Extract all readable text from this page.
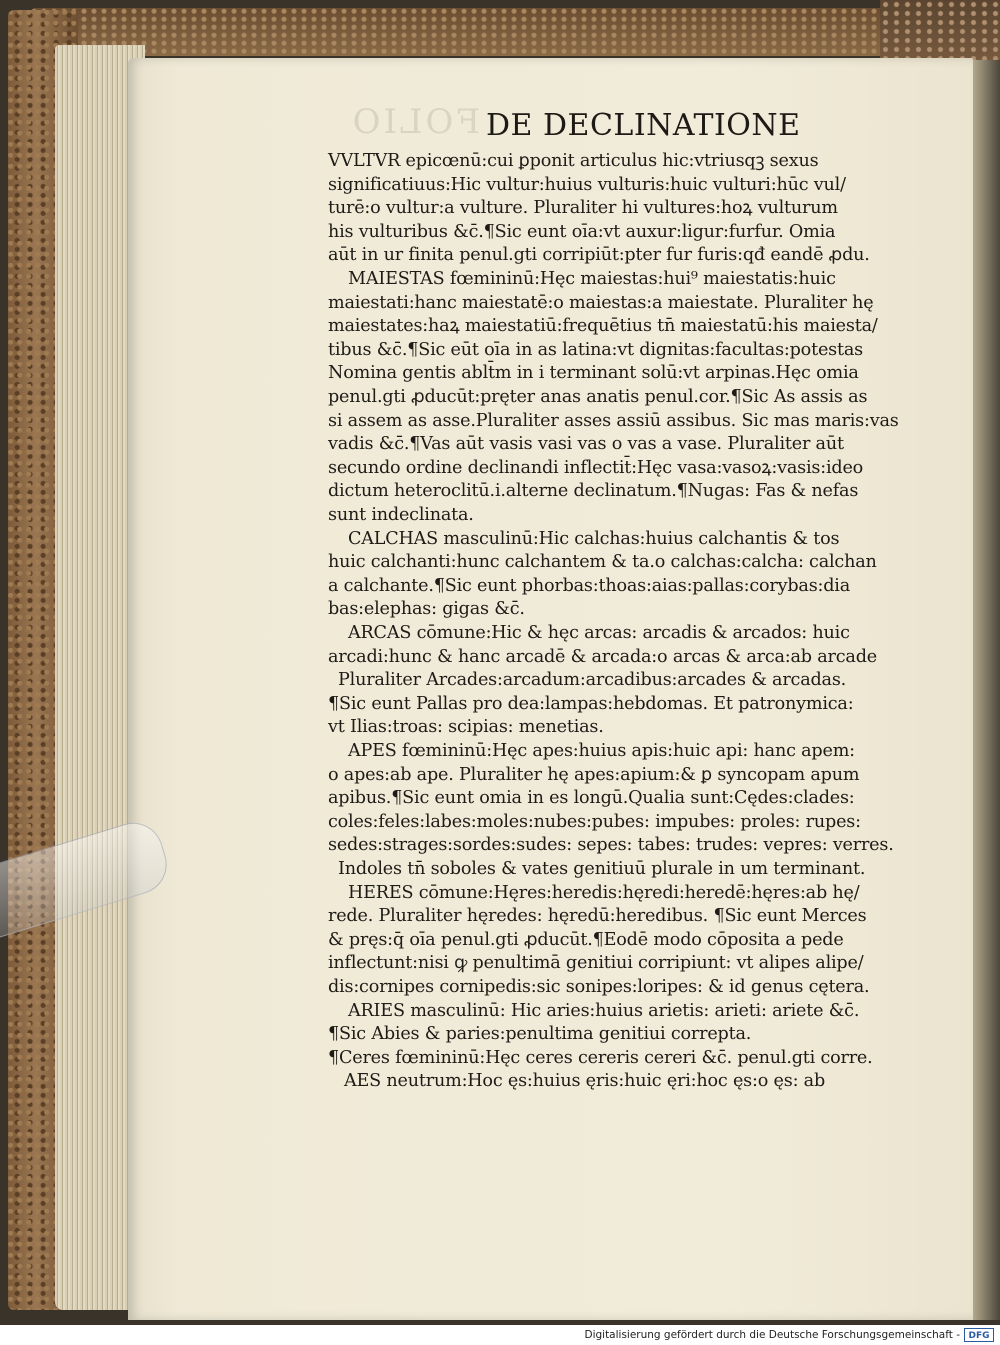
FOLIO DE DECLINATIONE
VVLTVR epicœnū:cui ꝑponit articulus hic:vtriusqꝫ sexus
significatiuus:Hic vultur:huius vulturis:huic vulturi:hūc vul/
turē:o vultur:a vulture. Pluraliter hi vultures:hoꝝ vulturum
his vulturibus &c̄.¶Sic eunt oīa:vt auxur:ligur:furfur. Omia
aūt in ur finita penul.gti corripiūt:pter fur furis:qđ eandē ꝓdu.
MAIESTAS fœmininū:Hęc maiestas:hui⁹ maiestatis:huic
maiestati:hanc maiestatē:o maiestas:a maiestate. Pluraliter hę
maiestates:haꝝ maiestatiū:frequētius tn̄ maiestatū:his maiesta/
tibus &c̄.¶Sic eūt oīa in as latina:vt dignitas:facultas:potestas
Nomina gentis ablt̄m in i terminant solū:vt arpinas.Hęc omia
penul.gti ꝓducūt:pręter anas anatis penul.cor.¶Sic As assis as
si assem as asse.Pluraliter asses assiū assibus. Sic mas maris:vas
vadis &c̄.¶Vas aūt vasis vasi vas o vas a vase. Pluraliter aūt
secundo ordine declinandi inflectit̄:Hęc vasa:vasoꝝ:vasis:ideo
dictum heteroclitū.i.alterne declinatum.¶Nugas: Fas & nefas
sunt indeclinata.
CALCHAS masculinū:Hic calchas:huius calchantis & tos
huic calchanti:hunc calchantem & ta.o calchas:calcha: calchan
a calchante.¶Sic eunt phorbas:thoas:aias:pallas:corybas:dia
bas:elephas: gigas &c̄.
ARCAS cōmune:Hic & hęc arcas: arcadis & arcados: huic
arcadi:hunc & hanc arcadē & arcada:o arcas & arca:ab arcade
Pluraliter Arcades:arcadum:arcadibus:arcades & arcadas.
¶Sic eunt Pallas pro dea:lampas:hebdomas. Et patronymica:
vt Ilias:troas: scipias: menetias.
APES fœmininū:Hęc apes:huius apis:huic api: hanc apem:
o apes:ab ape. Pluraliter hę apes:apium:& ꝑ syncopam apum
apibus.¶Sic eunt omia in es longū.Qualia sunt:Cędes:clades:
coles:feles:labes:moles:nubes:pubes: impubes: proles: rupes:
sedes:strages:sordes:sudes: sepes: tabes: trudes: vepres: verres.
Indoles tn̄ soboles & vates genitiuū plurale in um terminant.
HERES cōmune:Hęres:heredis:hęredi:heredē:hęres:ab hę/
rede. Pluraliter hęredes: hęredū:heredibus. ¶Sic eunt Merces
& pręs:q̄ oīa penul.gti ꝓducūt.¶Eodē modo cōposita a pede
inflectunt:nisi ꝙ penultimā genitiui corripiunt: vt alipes alipe/
dis:cornipes cornipedis:sic sonipes:loripes: & id genus cętera.
ARIES masculinū: Hic aries:huius arietis: arieti: ariete &c̄.
¶Sic Abies & paries:penultima genitiui correpta.
¶Ceres fœmininū:Hęc ceres cereris cereri &c̄. penul.gti corre.
AES neutrum:Hoc ęs:huius ęris:huic ęri:hoc ęs:o ęs: ab
Digitalisierung gefördert durch die Deutsche Forschungsgemeinschaft - DFG
